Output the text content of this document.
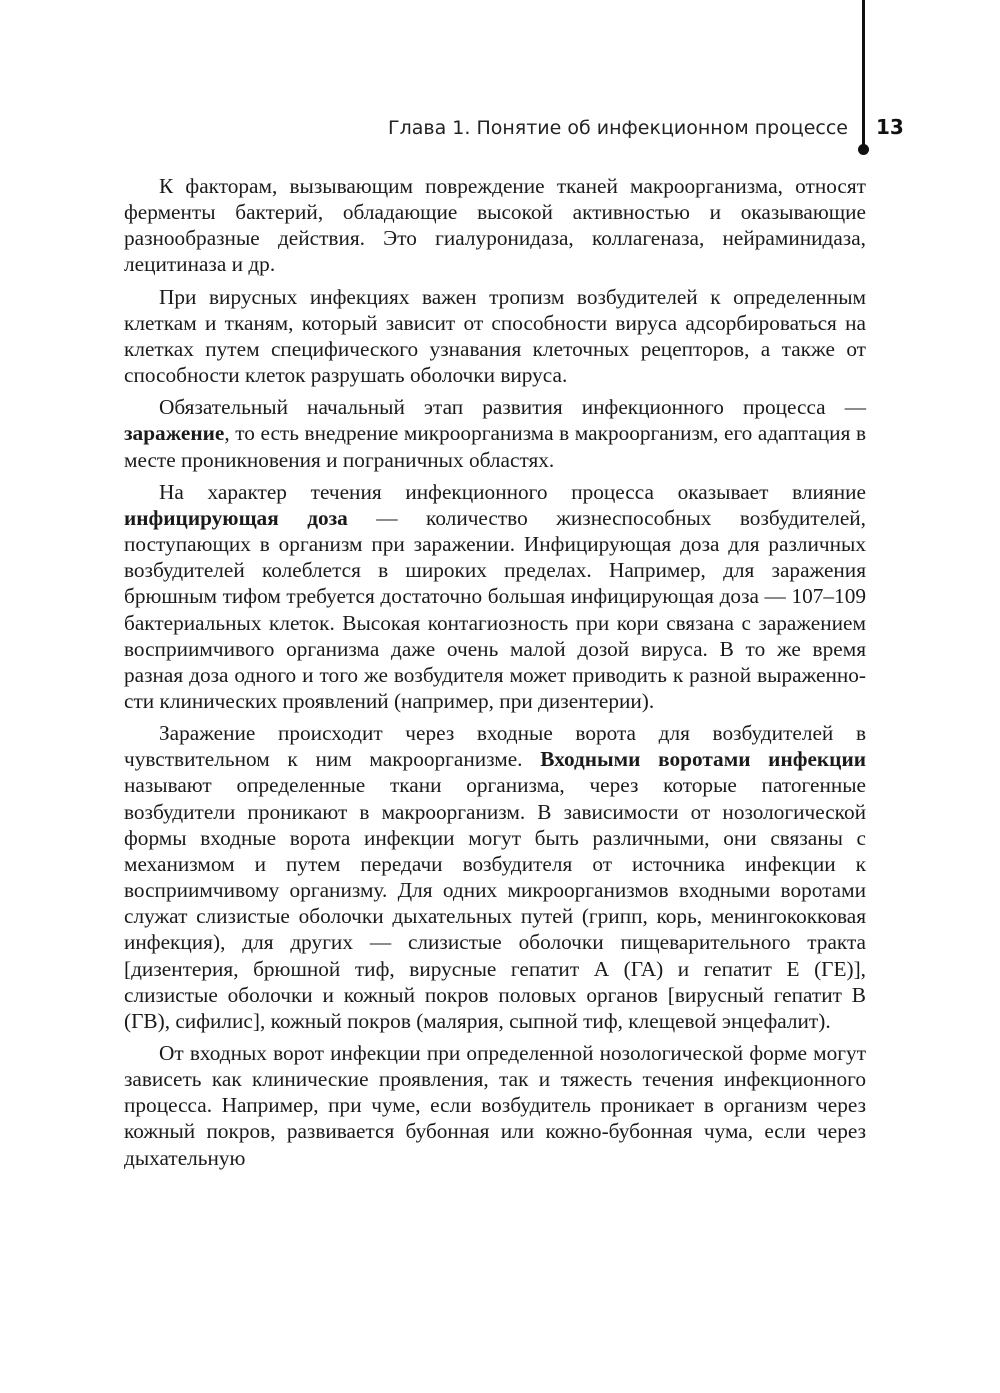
Глава 1. Понятие об инфекционном процессе 13

К факторам, вызывающим повреждение тканей макроорганизма, относят ферменты бактерий, обладающие высокой активностью и оказывающие разнообразные действия. Это гиалуронидаза, коллагеназа, нейраминидаза, лецитиназа и др.

При вирусных инфекциях важен тропизм возбудителей к определенным клеткам и тканям, который зависит от способности вируса адсорбироваться на клетках путем специфического узнавания клеточных рецепторов, а также от способности клеток разрушать оболочки вируса.

Обязательный начальный этап развития инфекционного процесса — заражение, то есть внедрение микроорганизма в макроорганизм, его адаптация в месте проникновения и пограничных областях.

На характер течения инфекционного процесса оказывает влияние инфицирующая доза — количество жизнеспособных возбудителей, поступающих в организм при заражении. Инфицирующая доза для различных возбудителей колеблется в широких пределах. Например, для заражения брюшным тифом требуется достаточно большая инфицирующая доза — 107–109 бактериальных клеток. Высокая контагиозность при кори связана с заражением восприимчивого организма даже очень малой дозой вируса. В то же время разная доза одного и того же возбудителя может приводить к разной выраженности клинических проявлений (например, при дизентерии).

Заражение происходит через входные ворота для возбудителей в чувствительном к ним макроорганизме. Входными воротами инфекции называют определенные ткани организма, через которые патогенные возбудители проникают в макроорганизм. В зависимости от нозологической формы входные ворота инфекции могут быть различными, они связаны с механизмом и путем передачи возбудителя от источника инфекции к восприимчивому организму. Для одних микроорганизмов входными воротами служат слизистые оболочки дыхательных путей (грипп, корь, менингококковая инфекция), для других — слизистые оболочки пищеварительного тракта [дизентерия, брюшной тиф, вирусные гепатит А (ГА) и гепатит Е (ГЕ)], слизистые оболочки и кожный покров половых органов [вирусный гепатит В (ГВ), сифилис], кожный покров (малярия, сыпной тиф, клещевой энцефалит).

От входных ворот инфекции при определенной нозологической форме могут зависеть как клинические проявления, так и тяжесть течения инфекционного процесса. Например, при чуме, если возбудитель проникает в организм через кожный покров, развивается бубонная или кожно-бубонная чума, если через дыхательную
